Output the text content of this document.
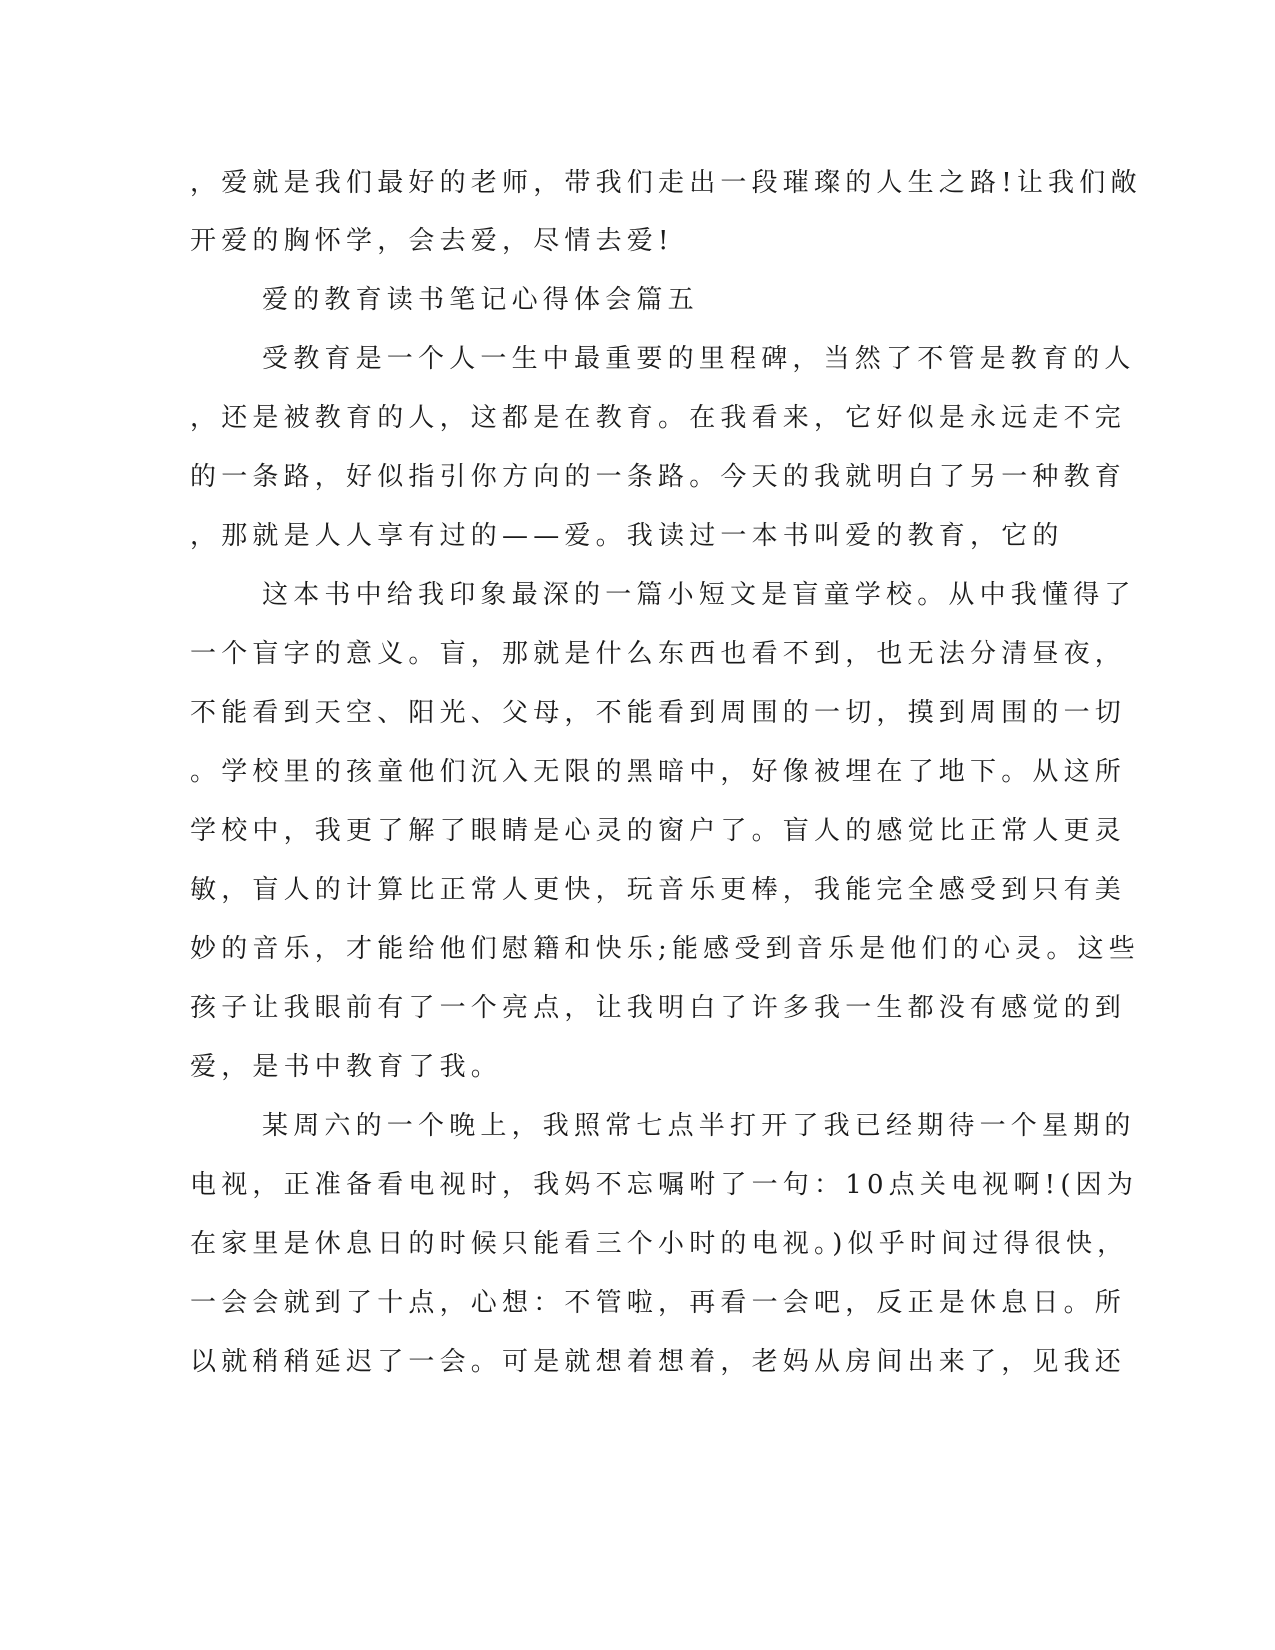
，爱就是我们最好的老师，带我们走出一段璀璨的人生之路!让我们敞
开爱的胸怀学，会去爱，尽情去爱!
爱的教育读书笔记心得体会篇五
受教育是一个人一生中最重要的里程碑，当然了不管是教育的人
，还是被教育的人，这都是在教育。在我看来，它好似是永远走不完
的一条路，好似指引你方向的一条路。今天的我就明白了另一种教育
，那就是人人享有过的——爱。我读过一本书叫爱的教育，它的
这本书中给我印象最深的一篇小短文是盲童学校。从中我懂得了
一个盲字的意义。盲，那就是什么东西也看不到，也无法分清昼夜，
不能看到天空、阳光、父母，不能看到周围的一切，摸到周围的一切
。学校里的孩童他们沉入无限的黑暗中，好像被埋在了地下。从这所
学校中，我更了解了眼睛是心灵的窗户了。盲人的感觉比正常人更灵
敏，盲人的计算比正常人更快，玩音乐更棒，我能完全感受到只有美
妙的音乐，才能给他们慰籍和快乐;能感受到音乐是他们的心灵。这些
孩子让我眼前有了一个亮点，让我明白了许多我一生都没有感觉的到
爱，是书中教育了我。
某周六的一个晚上，我照常七点半打开了我已经期待一个星期的
电视，正准备看电视时，我妈不忘嘱咐了一句：10点关电视啊!(因为
在家里是休息日的时候只能看三个小时的电视。)似乎时间过得很快，
一会会就到了十点，心想：不管啦，再看一会吧，反正是休息日。所
以就稍稍延迟了一会。可是就想着想着，老妈从房间出来了，见我还
